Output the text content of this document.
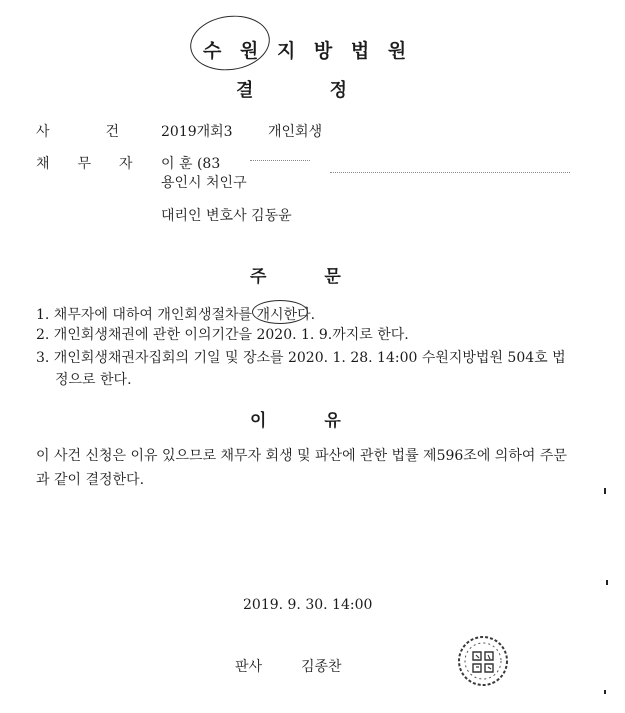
수 원 지 방 법 원
결 정
사건
2019개회3	개인회생
채무자 이 훈 (83
용인시 처인구
대리인 변호사 김동윤
주 문
1. 채무자에 대하여 개인회생절차를 개시한다.
2. 개인회생채권에 관한 이의기간을 2020. 1. 9.까지로 한다.
3. 개인회생채권자집회의 기일 및 장소를 2020. 1. 28. 14:00 수원지방법원 504호 법
정으로 한다.
이 유
이 사건 신청은 이유 있으므로 채무자 회생 및 파산에 관한 법률 제596조에 의하여 주문과 같이 결정한다.
2019. 9. 30. 14:00
판사	김종찬
